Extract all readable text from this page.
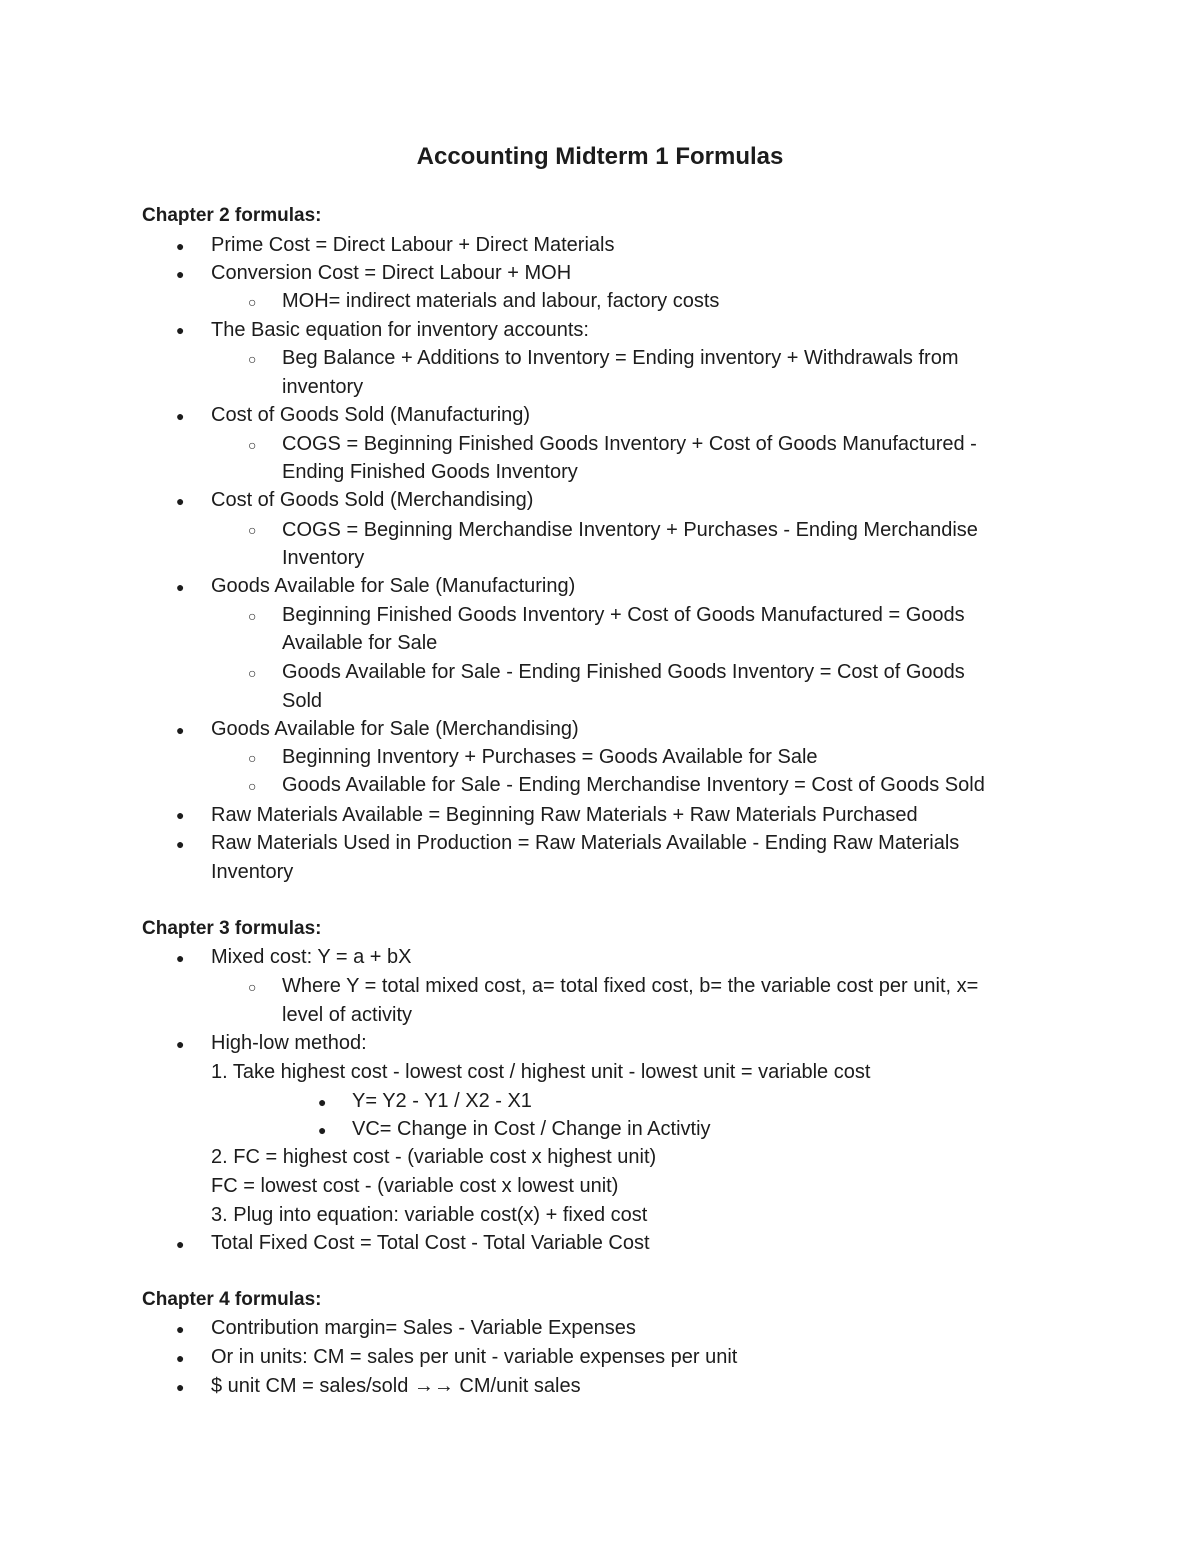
Accounting Midterm 1 Formulas
Chapter 2 formulas:
● Prime Cost = Direct Labour + Direct Materials

● Conversion Cost = Direct Labour + MOH

○ MOH= indirect materials and labour, factory costs

● The Basic equation for inventory accounts:

○ Beg Balance + Additions to Inventory = Ending inventory + Withdrawals from

inventory

● Cost of Goods Sold (Manufacturing)

○ COGS = Beginning Finished Goods Inventory + Cost of Goods Manufactured -

Ending Finished Goods Inventory

● Cost of Goods Sold (Merchandising)

○ COGS = Beginning Merchandise Inventory + Purchases - Ending Merchandise

Inventory

● Goods Available for Sale (Manufacturing)

○ Beginning Finished Goods Inventory + Cost of Goods Manufactured = Goods

Available for Sale

○ Goods Available for Sale - Ending Finished Goods Inventory = Cost of Goods

Sold

● Goods Available for Sale (Merchandising)

○ Beginning Inventory + Purchases = Goods Available for Sale

○ Goods Available for Sale - Ending Merchandise Inventory = Cost of Goods Sold

● Raw Materials Available = Beginning Raw Materials + Raw Materials Purchased

● Raw Materials Used in Production = Raw Materials Available - Ending Raw Materials

Inventory

Chapter 3 formulas:
● Mixed cost: Y = a + bX

○ Where Y = total mixed cost, a= total fixed cost, b= the variable cost per unit, x=

level of activity

● High-low method:

1. Take highest cost - lowest cost / highest unit - lowest unit = variable cost

● Y= Y2 - Y1 / X2 - X1

● VC= Change in Cost / Change in Activtiy

2. FC = highest cost - (variable cost x highest unit)

FC = lowest cost - (variable cost x lowest unit)

3. Plug into equation: variable cost(x) + fixed cost

● Total Fixed Cost = Total Cost - Total Variable Cost

Chapter 4 formulas:
● Contribution margin= Sales - Variable Expenses

● Or in units: CM = sales per unit - variable expenses per unit

● $ unit CM = sales/sold →→ CM/unit sales
